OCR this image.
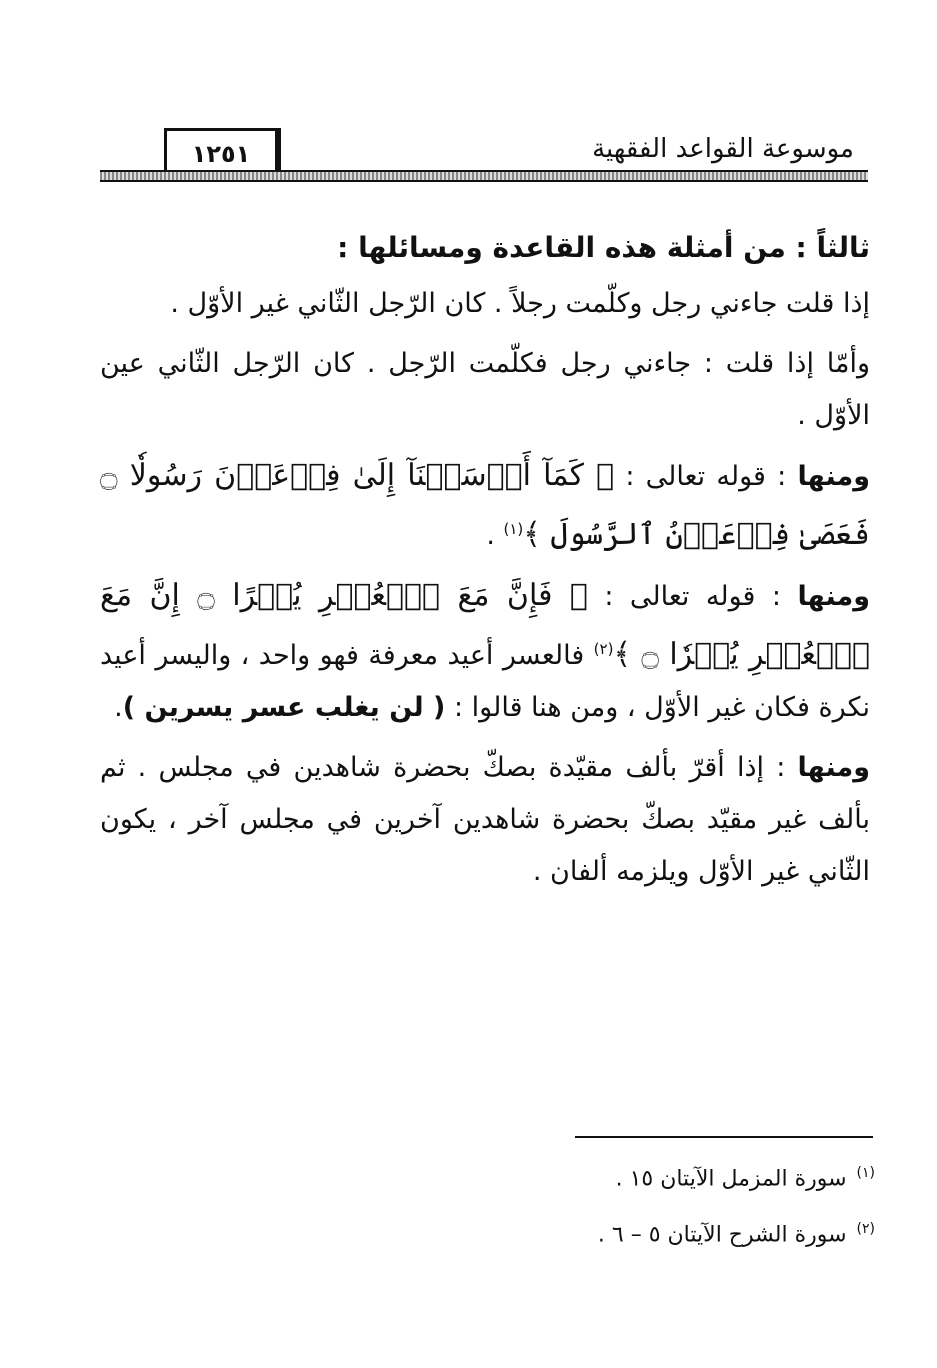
١٢٥١	موسوعة القواعد الفقهية

ثالثاً : من أمثلة هذه القاعدة ومسائلها :

إذا قلت جاءني رجل وكلّمت رجلاً . كان الرّجل الثّاني غير الأوّل .

وأمّا إذا قلت : جاءني رجل فكلّمت الرّجل . كان الرّجل الثّاني عين الأوّل .

ومنها : قوله تعالى : ﴿ كَمَآ أَرۡسَلۡنَآ إِلَىٰ فِرۡعَوۡنَ رَسُولٗا ۝ فَعَصَىٰ فِرۡعَوۡنُ ٱلرَّسُولَ ﴾$^{(١)}$ .

ومنها : قوله تعالى : ﴿ فَإِنَّ مَعَ ٱلۡعُسۡرِ يُسۡرًا ۝ إِنَّ مَعَ ٱلۡعُسۡرِ يُسۡرٗا ۝ ﴾$^{(٢)}$ فالعسر أعيد معرفة فهو واحد ، واليسر أعيد نكرة فكان غير الأوّل ، ومن هنا قالوا : ( لن يغلب عسر يسرين ).

ومنها : إذا أقرّ بألف مقيّدة بصكّ بحضرة شاهدين في مجلس . ثم بألف غير مقيّد بصكّ بحضرة شاهدين آخرين في مجلس آخر ، يكون الثّاني غير الأوّل ويلزمه ألفان .

$^{(١)}$سورة المزمل الآيتان ١٥ .
$^{(٢)}$سورة الشرح الآيتان ٥ – ٦ .
